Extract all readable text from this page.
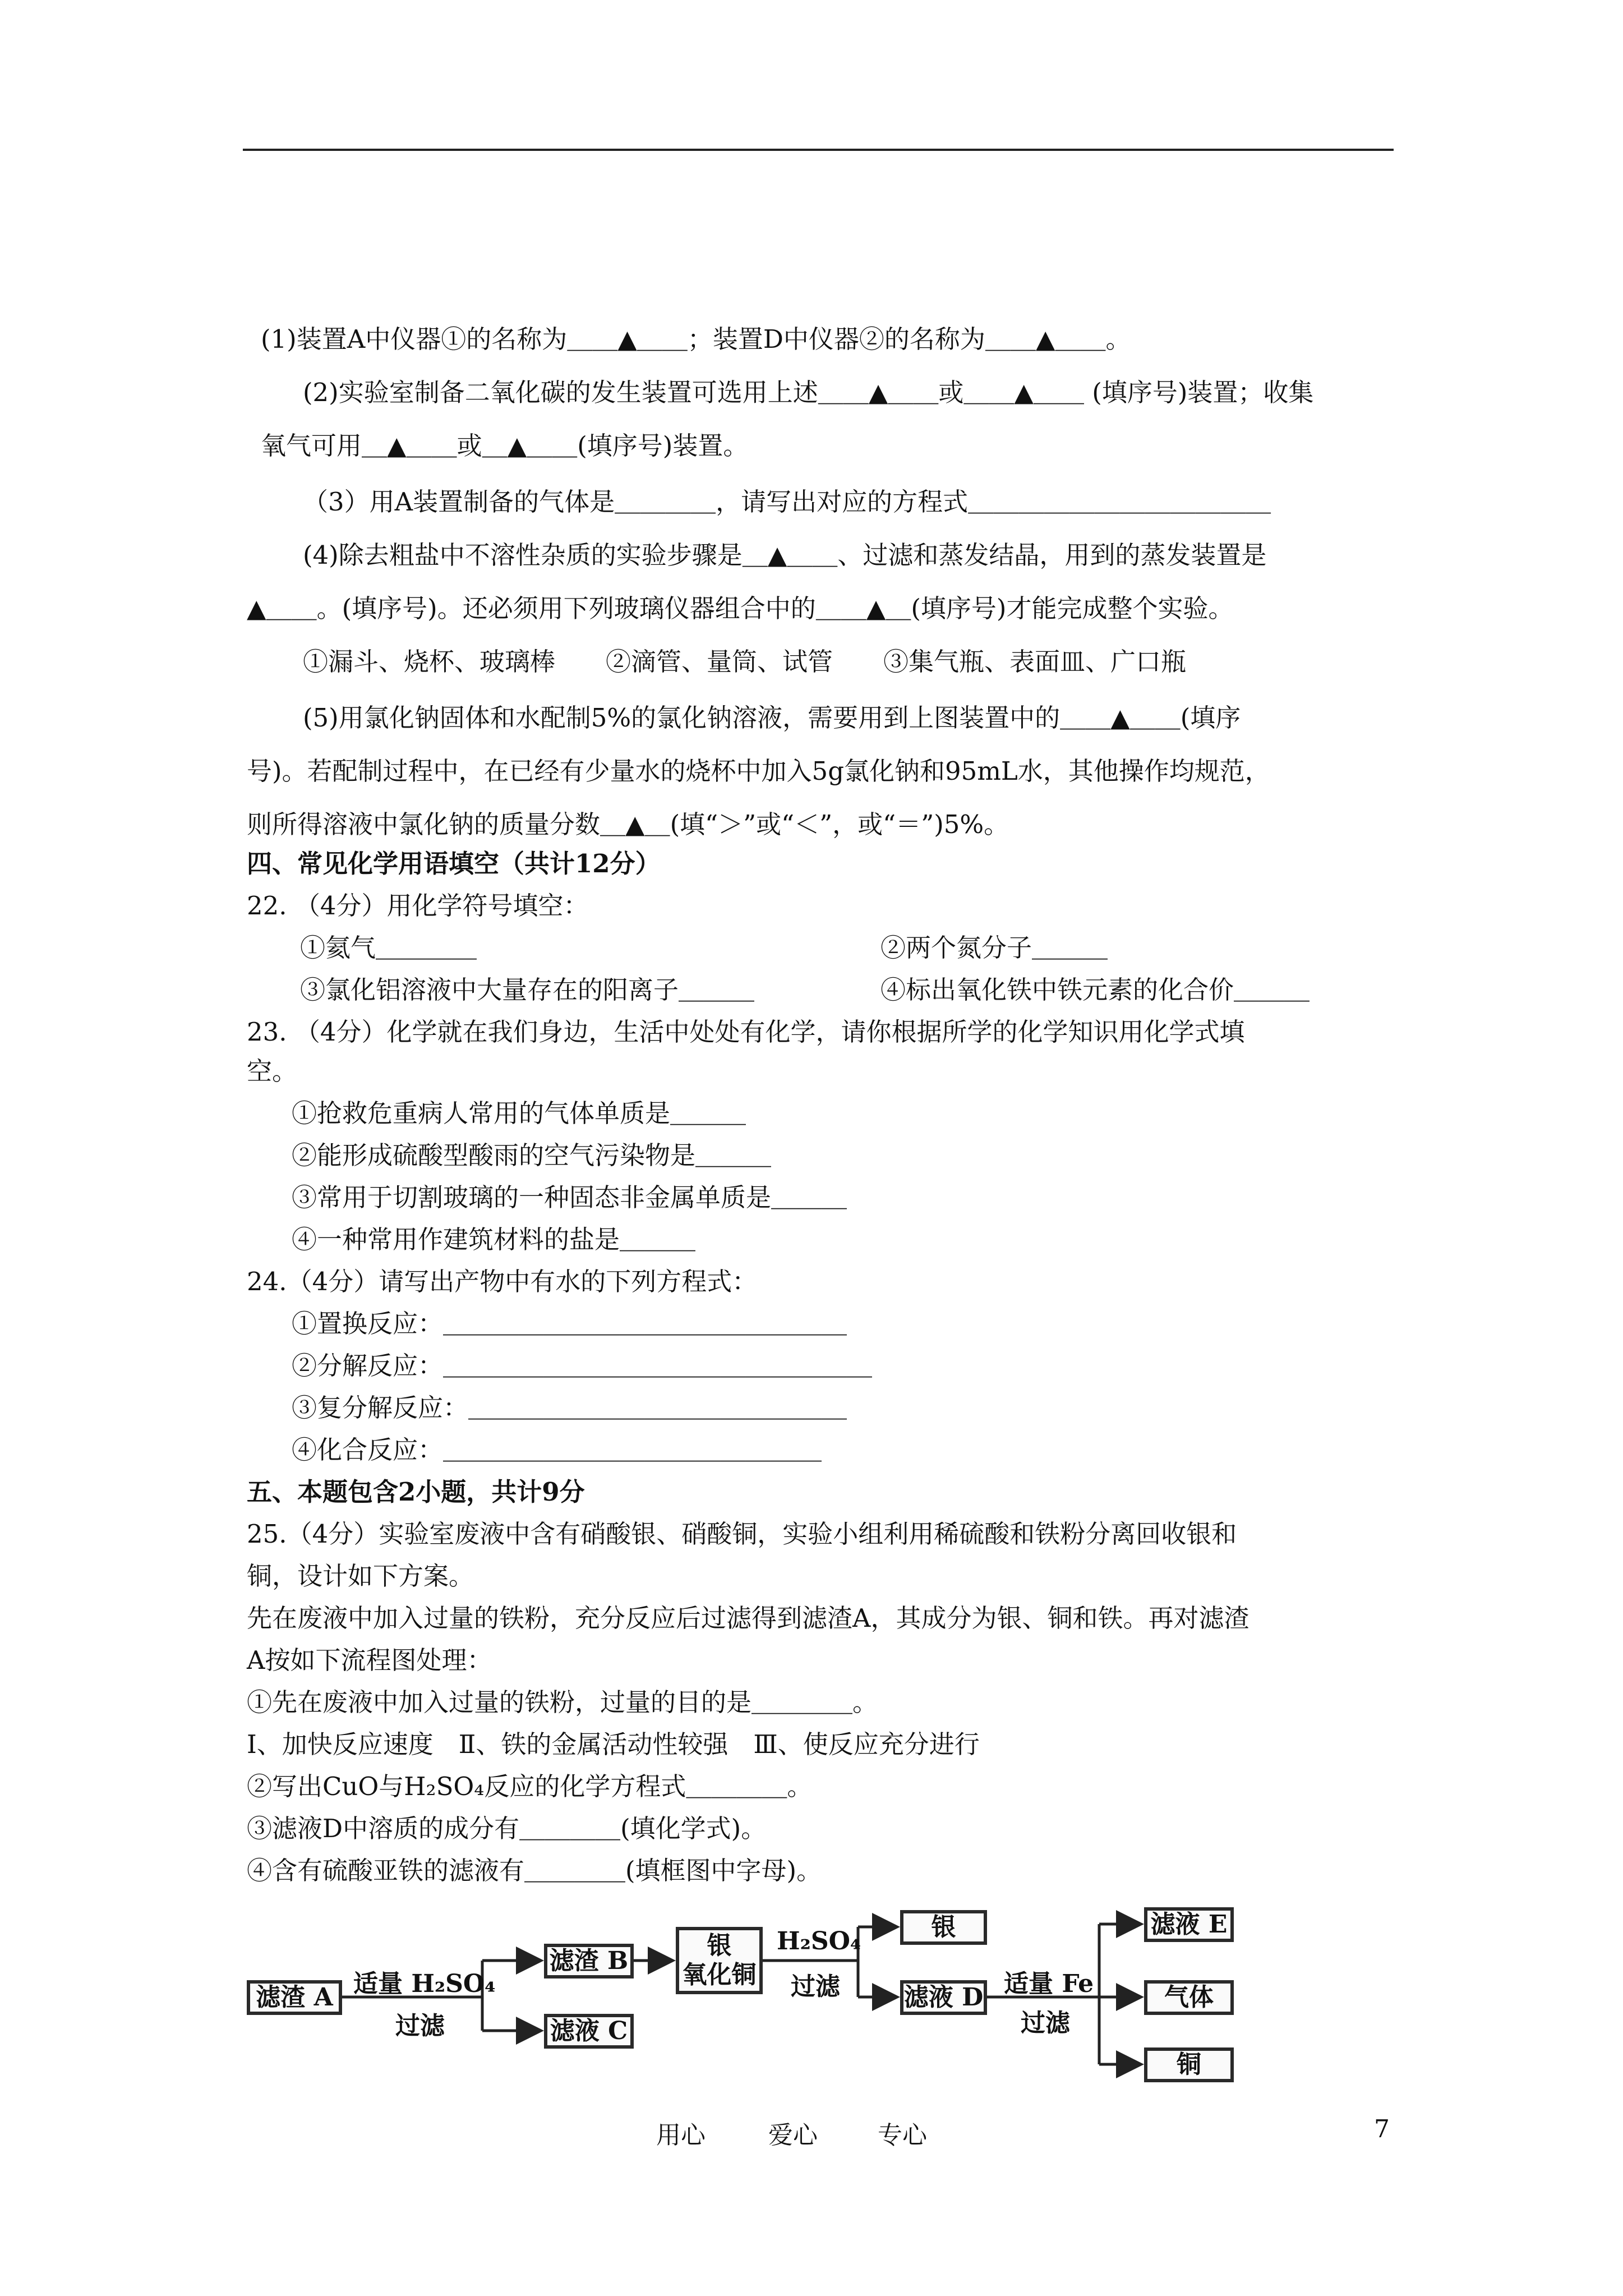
(1)装置A中仪器①的名称为＿＿▲＿＿；装置D中仪器②的名称为＿＿▲＿＿。
(2)实验室制备二氧化碳的发生装置可选用上述＿＿▲＿＿或＿＿▲＿＿ (填序号)装置；收集
氧气可用＿▲＿＿或＿▲＿＿(填序号)装置。
（3）用A装置制备的气体是＿＿＿＿，请写出对应的方程式＿＿＿＿＿＿＿＿＿＿＿＿
(4)除去粗盐中不溶性杂质的实验步骤是＿▲＿＿、过滤和蒸发结晶，用到的蒸发装置是
▲＿＿。(填序号)。还必须用下列玻璃仪器组合中的＿＿▲＿(填序号)才能完成整个实验。
①漏斗、烧杯、玻璃棒　　②滴管、量筒、试管　　③集气瓶、表面皿、广口瓶
(5)用氯化钠固体和水配制5%的氯化钠溶液，需要用到上图装置中的＿＿▲＿＿(填序
号)。若配制过程中，在已经有少量水的烧杯中加入5g氯化钠和95mL水，其他操作均规范，
则所得溶液中氯化钠的质量分数＿▲＿(填“＞”或“＜”，或“＝”)5%。
四、常见化学用语填空（共计12分）
22. （4分）用化学符号填空：
①氦气＿＿＿＿	②两个氮分子＿＿＿
③氯化铝溶液中大量存在的阳离子＿＿＿	④标出氧化铁中铁元素的化合价＿＿＿
23. （4分）化学就在我们身边，生活中处处有化学，请你根据所学的化学知识用化学式填
空。
①抢救危重病人常用的气体单质是＿＿＿
②能形成硫酸型酸雨的空气污染物是＿＿＿
③常用于切割玻璃的一种固态非金属单质是＿＿＿
④一种常用作建筑材料的盐是＿＿＿
24.（4分）请写出产物中有水的下列方程式：
①置换反应：＿＿＿＿＿＿＿＿＿＿＿＿＿＿＿＿
②分解反应：＿＿＿＿＿＿＿＿＿＿＿＿＿＿＿＿＿
③复分解反应：＿＿＿＿＿＿＿＿＿＿＿＿＿＿＿
④化合反应：＿＿＿＿＿＿＿＿＿＿＿＿＿＿＿
五、本题包含2小题，共计9分
25.（4分）实验室废液中含有硝酸银、硝酸铜，实验小组利用稀硫酸和铁粉分离回收银和
铜，设计如下方案。
先在废液中加入过量的铁粉，充分反应后过滤得到滤渣A，其成分为银、铜和铁。再对滤渣
A按如下流程图处理：
①先在废液中加入过量的铁粉，过量的目的是＿＿＿＿。
Ⅰ、加快反应速度　Ⅱ、铁的金属活动性较强　Ⅲ、使反应充分进行
②写出CuO与H₂SO₄反应的化学方程式＿＿＿＿。
③滤液D中溶质的成分有＿＿＿＿(填化学式)。
④含有硫酸亚铁的滤液有＿＿＿＿(填框图中字母)。
滤渣 A
滤渣 B
滤液 C
银
氧化铜
银
滤液 D
滤液 E
气体
铜
适量 H₂SO₄
过滤
H₂SO₄
过滤	适量 Fe
过滤
用心	爱心 专心	7
